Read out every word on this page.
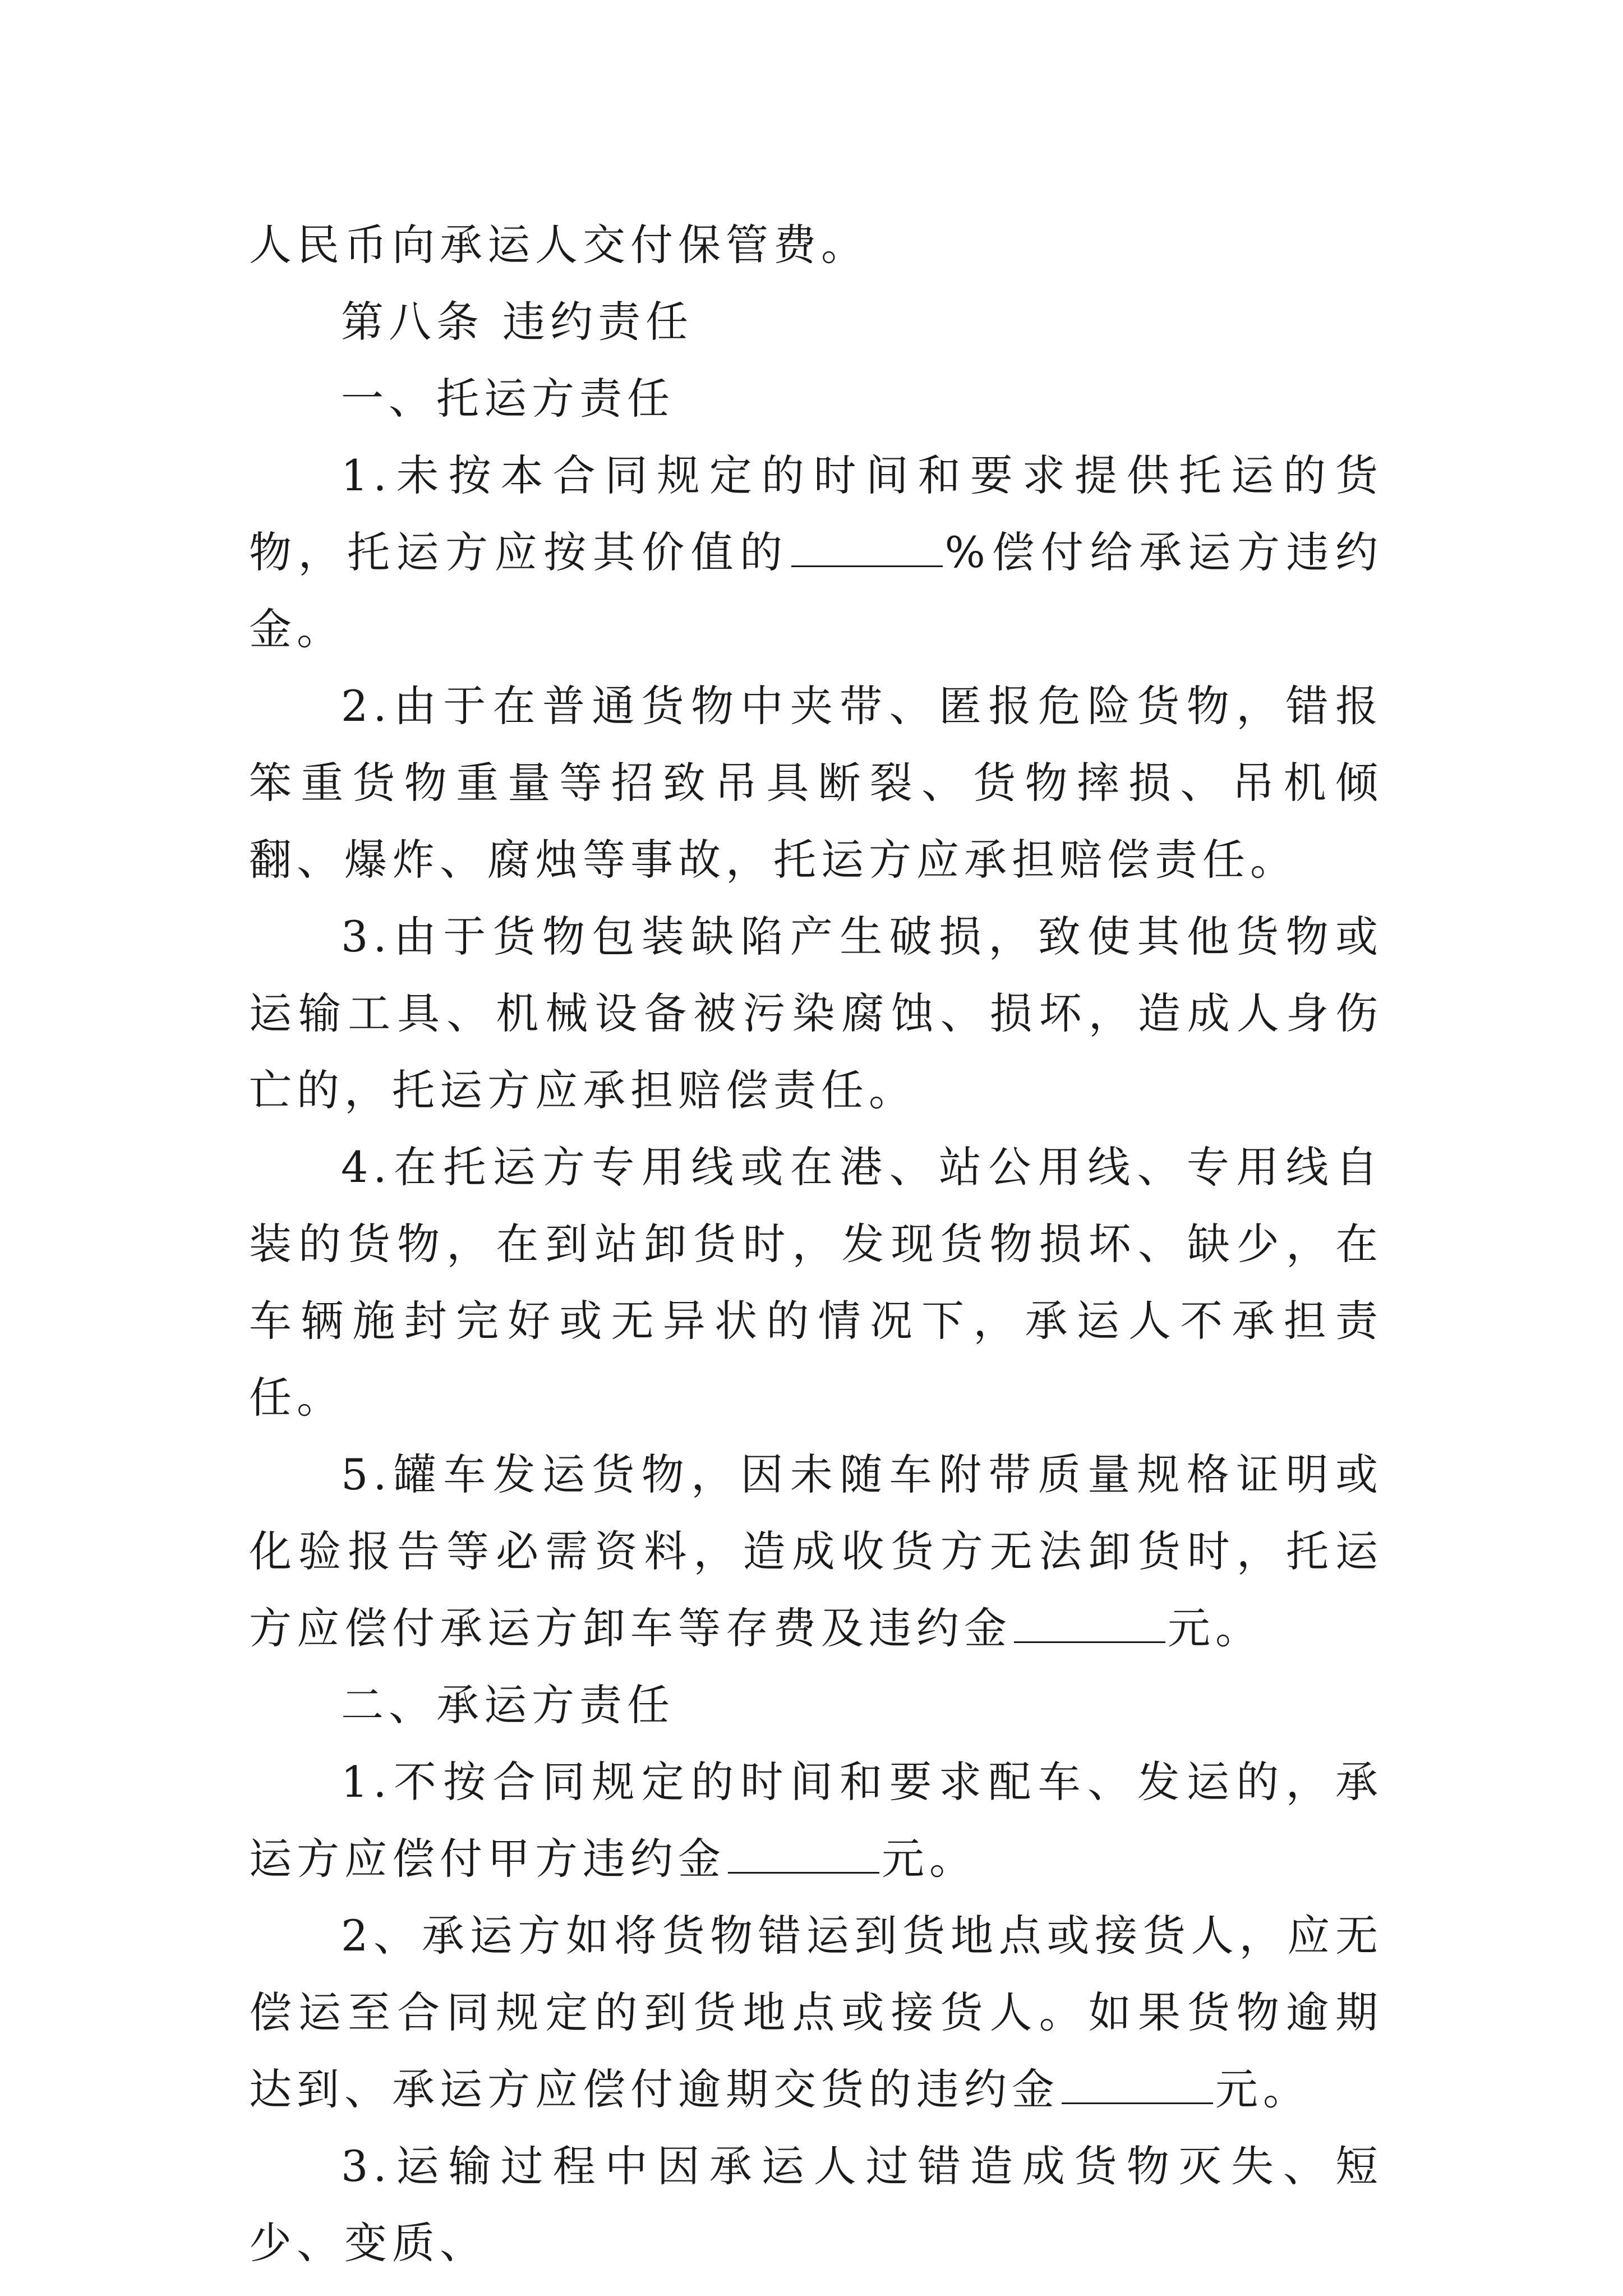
人民币向承运人交付保管费。

第八条 违约责任

一、托运方责任

1.未按本合同规定的时间和要求提供托运的货物，托运方应按其价值的	%偿付给承运方违约金。

2.由于在普通货物中夹带、匿报危险货物，错报笨重货物重量等招致吊具断裂、货物摔损、吊机倾翻、爆炸、腐烛等事故，托运方应承担赔偿责任。

3.由于货物包装缺陷产生破损，致使其他货物或运输工具、机械设备被污染腐蚀、损坏，造成人身伤亡的，托运方应承担赔偿责任。

4.在托运方专用线或在港、站公用线、专用线自装的货物，在到站卸货时，发现货物损坏、缺少，在车辆施封完好或无异状的情况下，承运人不承担责任。

5.罐车发运货物，因未随车附带质量规格证明或化验报告等必需资料，造成收货方无法卸货时，托运方应偿付承运方卸车等存费及违约金	元。

二、承运方责任

1.不按合同规定的时间和要求配车、发运的，承运方应偿付甲方违约金	元。

2、承运方如将货物错运到货地点或接货人，应无偿运至合同规定的到货地点或接货人。如果货物逾期达到、承运方应偿付逾期交货的违约金	元。

3.运输过程中因承运人过错造成货物灭失、短少、变质、
